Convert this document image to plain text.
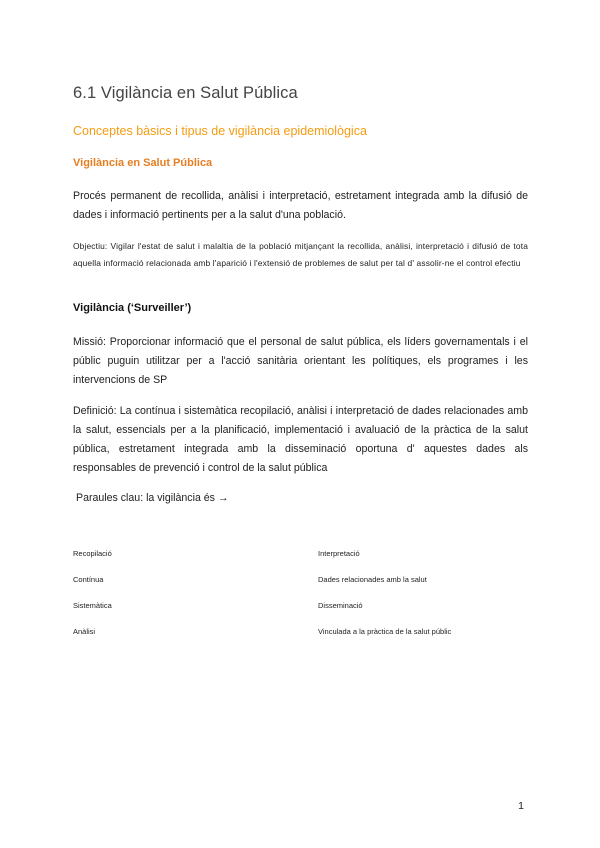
6.1 Vigilància en Salut Pública
Conceptes bàsics i tipus de vigilància epidemiològica
Vigilància en Salut Pública

Procés permanent de recollida, anàlisi i interpretació, estretament integrada amb la difusió de dades i informació pertinents per a la salut d'una població.

Objectiu: Vigilar l'estat de salut i malaltia de la població mitjançant la recollida, anàlisi, interpretació i difusió de tota aquella informació relacionada amb l'aparició i l'extensió de problemes de salut per tal d' assolir-ne el control efectiu

Vigilància (‘Surveiller’)

Missió: Proporcionar informació que el personal de salut pública, els líders governamentals i el públic puguin utilitzar per a l'acció sanitària orientant les polítiques, els programes i les intervencions de SP

Definició: La contínua i sistemàtica recopilació, anàlisi i interpretació de dades relacionades amb la salut, essencials per a la planificació, implementació i avaluació de la pràctica de la salut pública, estretament integrada amb la disseminació oportuna d' aquestes dades als responsables de prevenció i control de la salut pública

Paraules clau: la vigilància és →

Recopilació	Interpretació

Contínua	Dades relacionades amb la salut

Sistemàtica	Disseminació

Anàlisi	Vinculada a la pràctica de la salut públic

1
